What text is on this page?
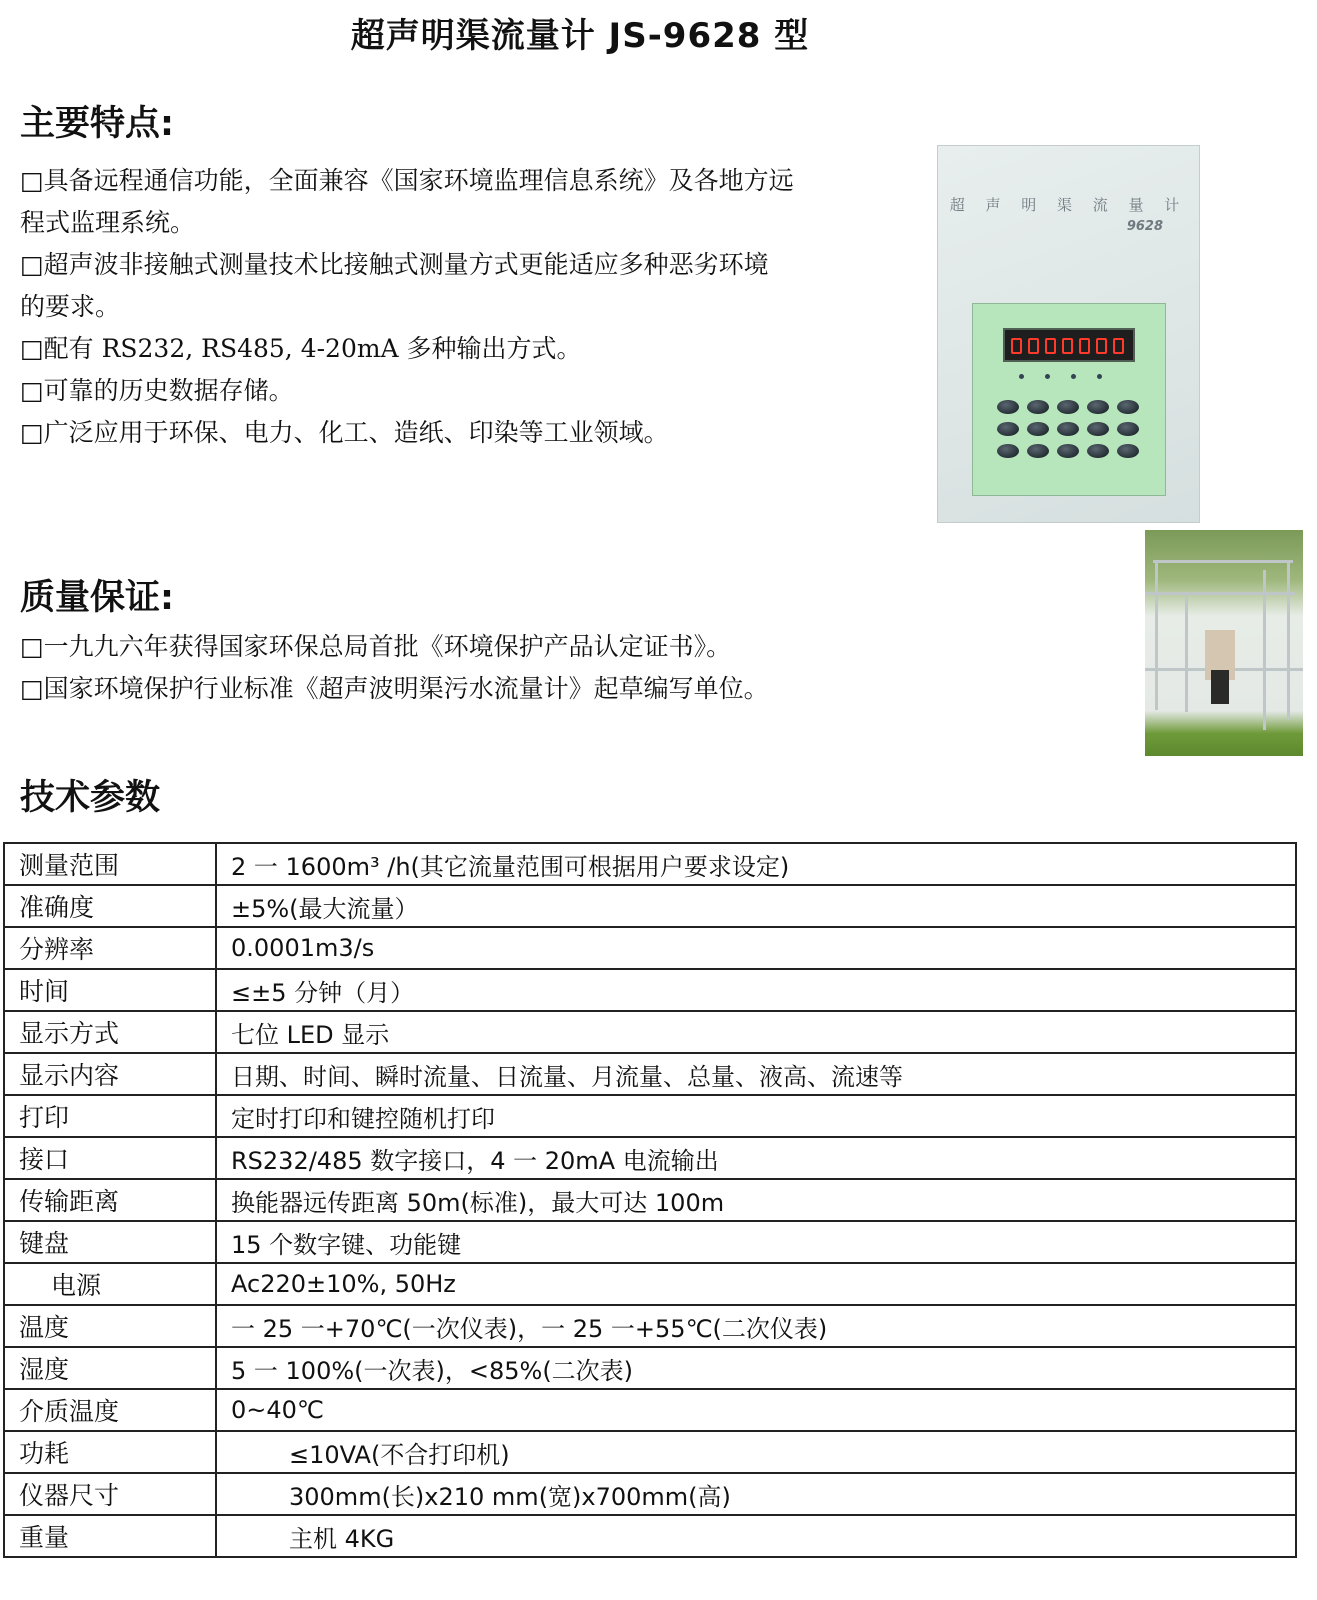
超声明渠流量计 JS-9628 型
主要特点:
□具备远程通信功能，全面兼容《国家环境监理信息系统》及各地方远
程式监理系统。
□超声波非接触式测量技术比接触式测量方式更能适应多种恶劣环境
的要求。
□配有 RS232, RS485, 4-20mA 多种输出方式。
□可靠的历史数据存储。
□广泛应用于环保、电力、化工、造纸、印染等工业领域。
超 声 明 渠 流 量 计
9628
质量保证:
□一九九六年获得国家环保总局首批《环境保护产品认定证书》。
□国家环境保护行业标准《超声波明渠污水流量计》起草编写单位。
技术参数
测量范围	2 一 1600m³ /h(其它流量范围可根据用户要求设定)
准确度	±5%(最大流量）
分辨率	0.0001m3/s
时间	≤±5 分钟（月）
显示方式	七位 LED 显示
显示内容	日期、时间、瞬时流量、日流量、月流量、总量、液高、流速等
打印	定时打印和键控随机打印
接口	RS232/485 数字接口，4 一 20mA 电流输出
传输距离	换能器远传距离 50m(标准)，最大可达 100m
键盘	15 个数字键、功能键
电源	Ac220±10%, 50Hz
温度	一 25 一+70℃(一次仪表)，一 25 一+55℃(二次仪表)
湿度	5 一 100%(一次表)，<85%(二次表)
介质温度	0~40℃
功耗	≤10VA(不合打印机)
仪器尺寸	300mm(长)x210 mm(宽)x700mm(高)
重量	主机 4KG
